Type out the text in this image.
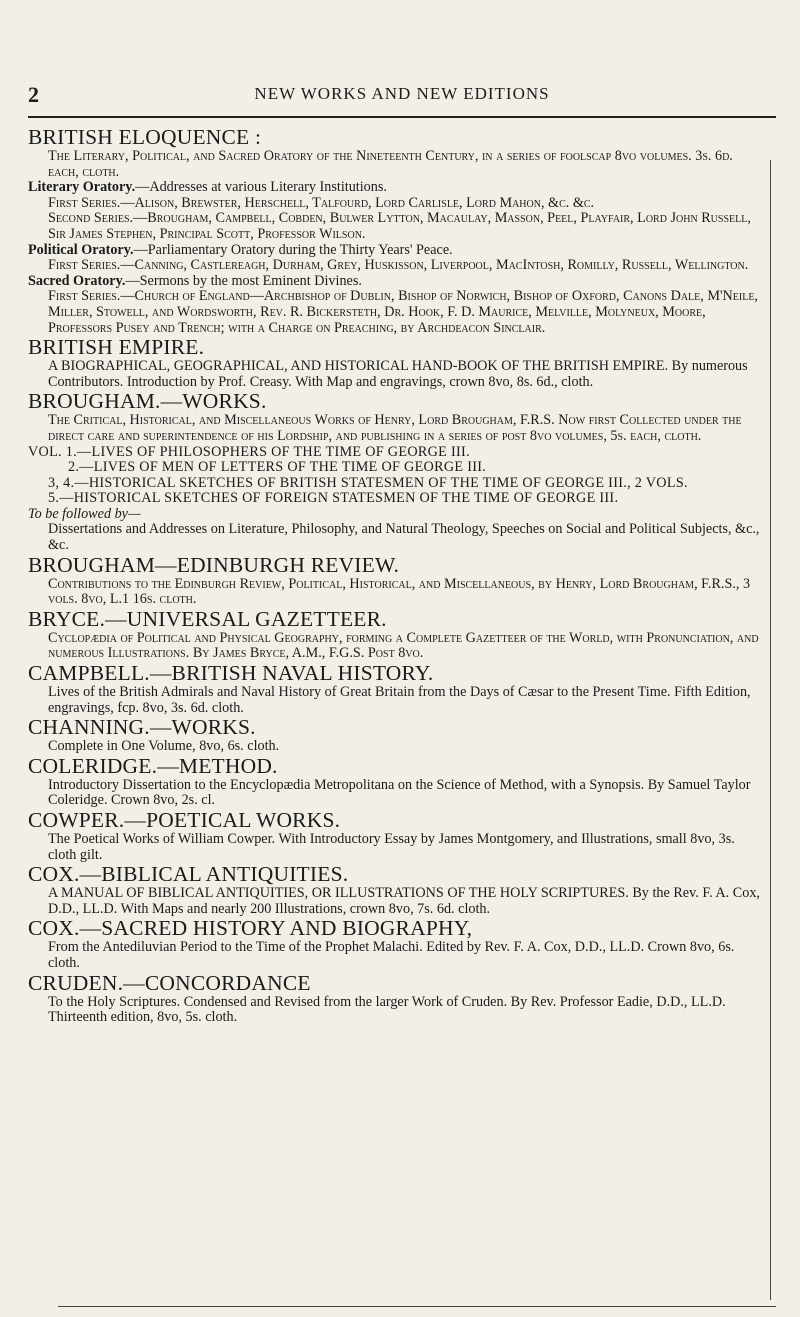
2	NEW WORKS AND NEW EDITIONS
BRITISH ELOQUENCE :

The Literary, Political, and Sacred Oratory of the Nineteenth Century, in a series of foolscap 8vo volumes. 3s. 6d. each, cloth.

Literary Oratory.—Addresses at various Literary Institutions.

First Series.—Alison, Brewster, Herschell, Talfourd, Lord Carlisle, Lord Mahon, &c. &c.

Second Series.—Brougham, Campbell, Cobden, Bulwer Lytton, Macaulay, Masson, Peel, Playfair, Lord John Russell, Sir James Stephen, Principal Scott, Professor Wilson.

Political Oratory.—Parliamentary Oratory during the Thirty Years' Peace.

First Series.—Canning, Castlereagh, Durham, Grey, Huskisson, Liverpool, MacIntosh, Romilly, Russell, Wellington.

Sacred Oratory.—Sermons by the most Eminent Divines.

First Series.—Church of England—Archbishop of Dublin, Bishop of Norwich, Bishop of Oxford, Canons Dale, M'Neile, Miller, Stowell, and Wordsworth, Rev. R. Bickersteth, Dr. Hook, F. D. Maurice, Melville, Molyneux, Moore, Professors Pusey and Trench; with a Charge on Preaching, by Archdeacon Sinclair.

BRITISH EMPIRE.

A BIOGRAPHICAL, GEOGRAPHICAL, AND HISTORICAL HAND-BOOK OF THE BRITISH EMPIRE. By numerous Contributors. Introduction by Prof. Creasy. With Map and engravings, crown 8vo, 8s. 6d., cloth.

BROUGHAM.—WORKS.

The Critical, Historical, and Miscellaneous Works of Henry, Lord Brougham, F.R.S. Now first Collected under the direct care and superintendence of his Lordship, and publishing in a series of post 8vo volumes, 5s. each, cloth.

VOL. 1.—LIVES OF PHILOSOPHERS OF THE TIME OF GEORGE III.

2.—LIVES OF MEN OF LETTERS OF THE TIME OF GEORGE III.

3, 4.—HISTORICAL SKETCHES OF BRITISH STATESMEN OF THE TIME OF GEORGE III., 2 VOLS.

5.—HISTORICAL SKETCHES OF FOREIGN STATESMEN OF THE TIME OF GEORGE III.

To be followed by—

Dissertations and Addresses on Literature, Philosophy, and Natural Theology, Speeches on Social and Political Subjects, &c., &c.

BROUGHAM—EDINBURGH REVIEW.

Contributions to the Edinburgh Review, Political, Historical, and Miscellaneous, by Henry, Lord Brougham, F.R.S., 3 vols. 8vo, L.1 16s. cloth.

BRYCE.—UNIVERSAL GAZETTEER.

Cyclopædia of Political and Physical Geography, forming a Complete Gazetteer of the World, with Pronunciation, and numerous Illustrations. By James Bryce, A.M., F.G.S. Post 8vo.

CAMPBELL.—BRITISH NAVAL HISTORY.

Lives of the British Admirals and Naval History of Great Britain from the Days of Cæsar to the Present Time. Fifth Edition, engravings, fcp. 8vo, 3s. 6d. cloth.

CHANNING.—WORKS.

Complete in One Volume, 8vo, 6s. cloth.

COLERIDGE.—METHOD.

Introductory Dissertation to the Encyclopædia Metropolitana on the Science of Method, with a Synopsis. By Samuel Taylor Coleridge. Crown 8vo, 2s. cl.

COWPER.—POETICAL WORKS.

The Poetical Works of William Cowper. With Introductory Essay by James Montgomery, and Illustrations, small 8vo, 3s. cloth gilt.

COX.—BIBLICAL ANTIQUITIES.

A MANUAL OF BIBLICAL ANTIQUITIES, OR ILLUSTRATIONS OF THE HOLY SCRIPTURES. By the Rev. F. A. Cox, D.D., LL.D. With Maps and nearly 200 Illustrations, crown 8vo, 7s. 6d. cloth.

COX.—SACRED HISTORY AND BIOGRAPHY,

From the Antediluvian Period to the Time of the Prophet Malachi. Edited by Rev. F. A. Cox, D.D., LL.D. Crown 8vo, 6s. cloth.

CRUDEN.—CONCORDANCE

To the Holy Scriptures. Condensed and Revised from the larger Work of Cruden. By Rev. Professor Eadie, D.D., LL.D. Thirteenth edition, 8vo, 5s. cloth.
